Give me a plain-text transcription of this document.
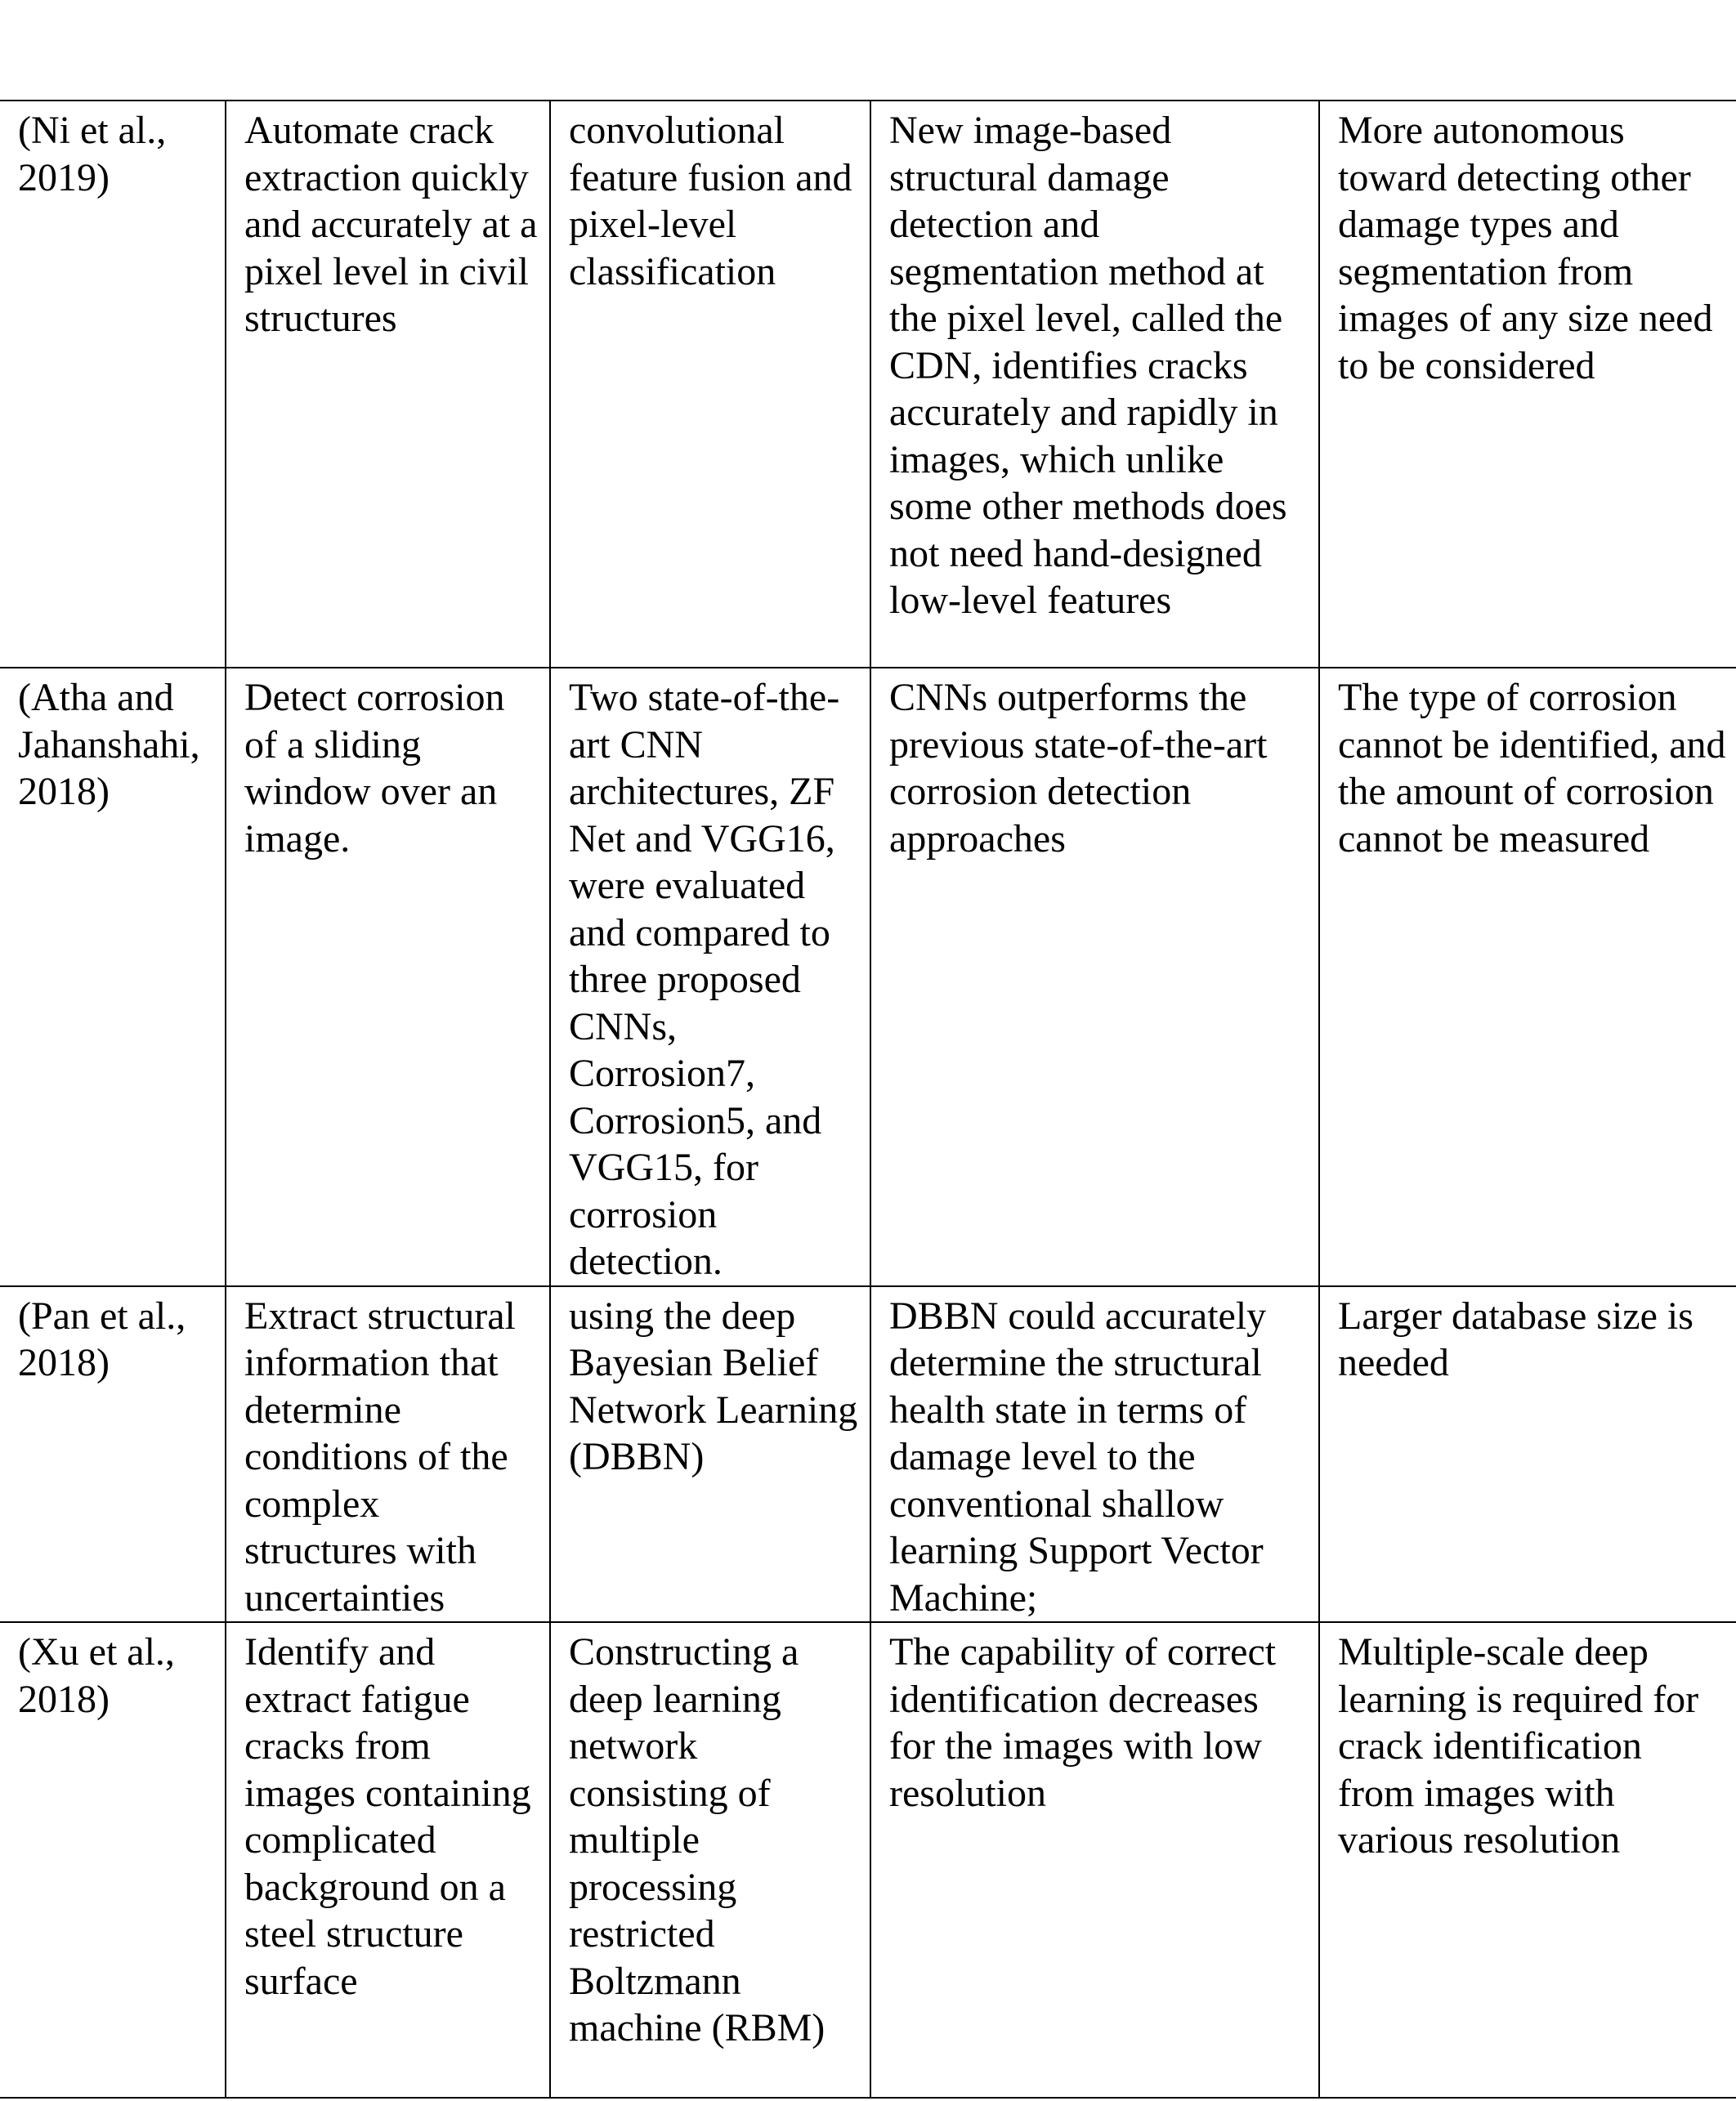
(Ni et al., 2019)	Automate crack extraction quickly and accurately at a pixel level in civil structures	convolutional feature fusion and pixel-level classification	New image-based structural damage detection and segmentation method at the pixel level, called the CDN, identifies cracks accurately and rapidly in images, which unlike some other methods does not need hand-designed low-level features	More autonomous toward detecting other damage types and segmentation from images of any size need to be considered

(Atha and Jahanshahi, 2018)	Detect corrosion of a sliding window over an image.	Two state-of-the-art CNN architectures, ZF Net and VGG16, were evaluated and compared to three proposed CNNs, Corrosion7, Corrosion5, and VGG15, for corrosion detection.	CNNs outperforms the previous state-of-the-art corrosion detection approaches	The type of corrosion cannot be identified, and the amount of corrosion cannot be measured

(Pan et al., 2018)	Extract structural information that determine conditions of the complex structures with uncertainties	using the deep Bayesian Belief Network Learning (DBBN)	DBBN could accurately determine the structural health state in terms of damage level to the conventional shallow learning Support Vector Machine;	Larger database size is needed

(Xu et al., 2018)	Identify and extract fatigue cracks from images containing complicated background on a steel structure surface	Constructing a deep learning network consisting of multiple processing restricted Boltzmann machine (RBM)	The capability of correct identification decreases for the images with low resolution	Multiple-scale deep learning is required for crack identification from images with various resolution
